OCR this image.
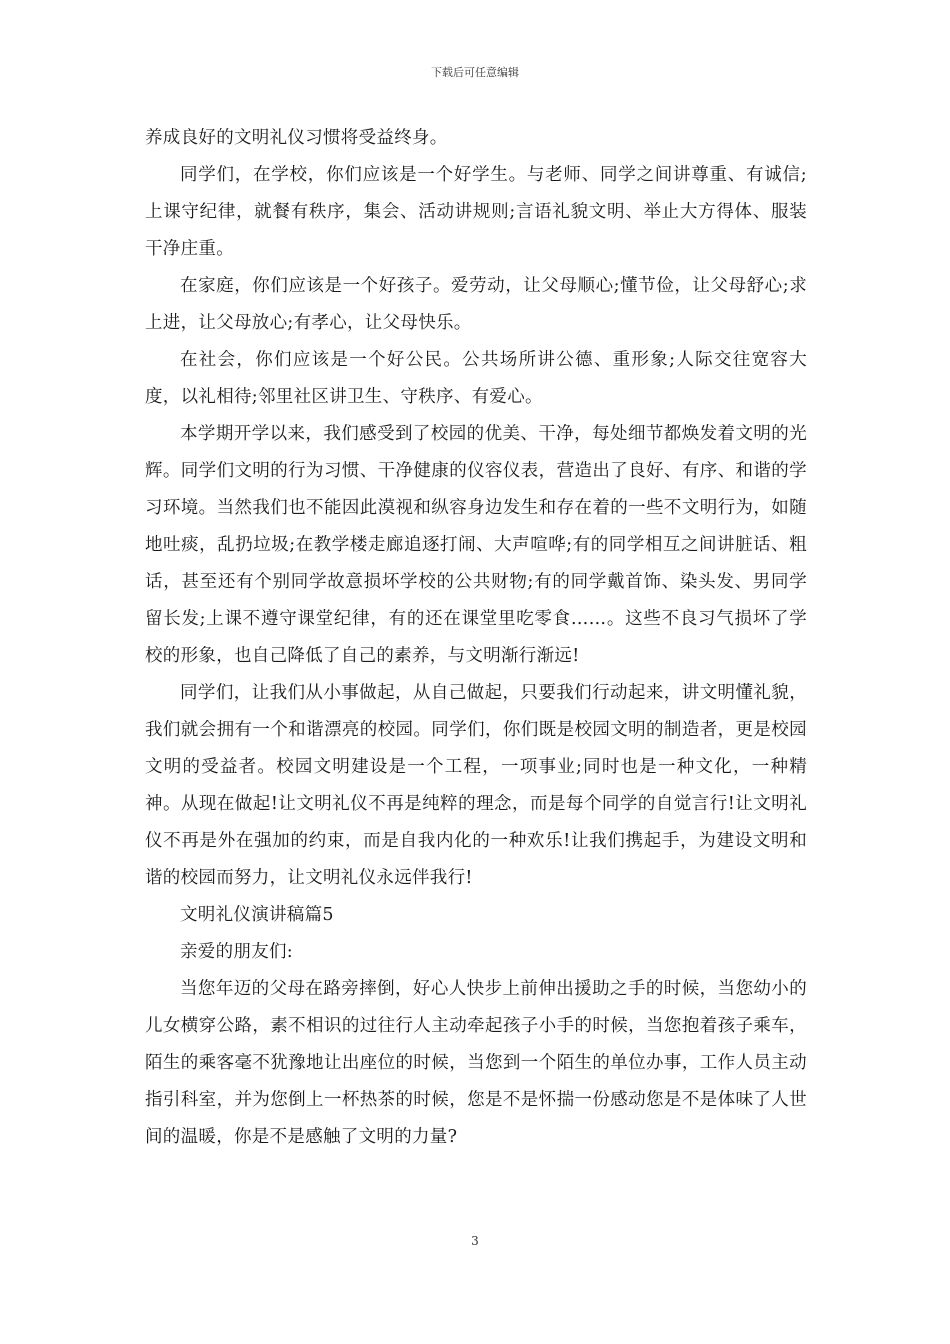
下载后可任意编辑

养成良好的文明礼仪习惯将受益终身。

同学们，在学校，你们应该是一个好学生。与老师、同学之间讲尊重、有诚信;上课守纪律，就餐有秩序，集会、活动讲规则;言语礼貌文明、举止大方得体、服装干净庄重。

在家庭，你们应该是一个好孩子。爱劳动，让父母顺心;懂节俭，让父母舒心;求上进，让父母放心;有孝心，让父母快乐。

在社会，你们应该是一个好公民。公共场所讲公德、重形象;人际交往宽容大度，以礼相待;邻里社区讲卫生、守秩序、有爱心。

本学期开学以来，我们感受到了校园的优美、干净，每处细节都焕发着文明的光辉。同学们文明的行为习惯、干净健康的仪容仪表，营造出了良好、有序、和谐的学习环境。当然我们也不能因此漠视和纵容身边发生和存在着的一些不文明行为，如随地吐痰，乱扔垃圾;在教学楼走廊追逐打闹、大声喧哗;有的同学相互之间讲脏话、粗话，甚至还有个别同学故意损坏学校的公共财物;有的同学戴首饰、染头发、男同学留长发;上课不遵守课堂纪律，有的还在课堂里吃零食……。这些不良习气损坏了学校的形象，也自己降低了自己的素养，与文明渐行渐远!

同学们，让我们从小事做起，从自己做起，只要我们行动起来，讲文明懂礼貌，我们就会拥有一个和谐漂亮的校园。同学们，你们既是校园文明的制造者，更是校园文明的受益者。校园文明建设是一个工程，一项事业;同时也是一种文化，一种精神。从现在做起!让文明礼仪不再是纯粹的理念，而是每个同学的自觉言行!让文明礼仪不再是外在强加的约束，而是自我内化的一种欢乐!让我们携起手，为建设文明和谐的校园而努力，让文明礼仪永远伴我行!

文明礼仪演讲稿篇5

亲爱的朋友们:

当您年迈的父母在路旁摔倒，好心人快步上前伸出援助之手的时候，当您幼小的儿女横穿公路，素不相识的过往行人主动牵起孩子小手的时候，当您抱着孩子乘车，陌生的乘客毫不犹豫地让出座位的时候，当您到一个陌生的单位办事，工作人员主动指引科室，并为您倒上一杯热茶的时候，您是不是怀揣一份感动您是不是体味了人世间的温暖，你是不是感触了文明的力量?

3
